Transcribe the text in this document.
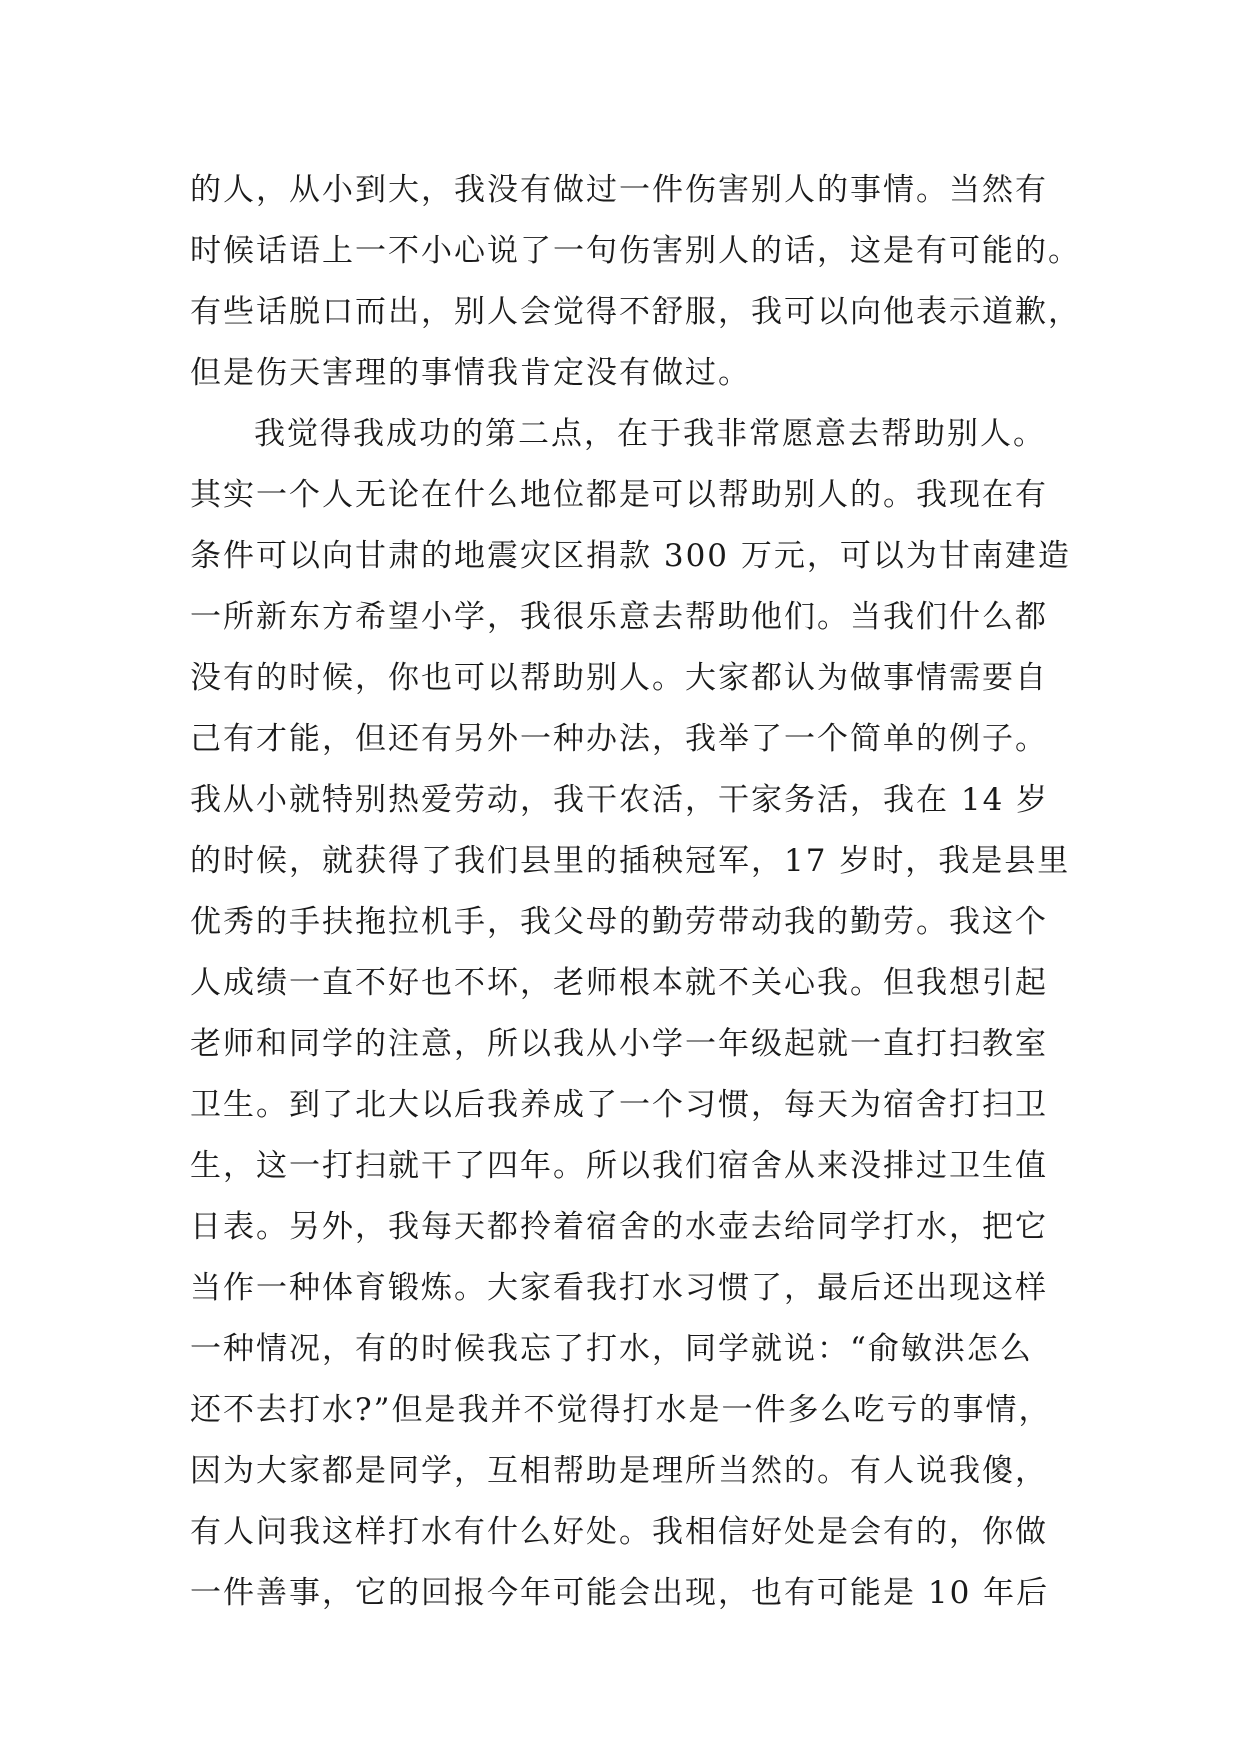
的人，从小到大，我没有做过一件伤害别人的事情。当然有
时候话语上一不小心说了一句伤害别人的话，这是有可能的。
有些话脱口而出，别人会觉得不舒服，我可以向他表示道歉，
但是伤天害理的事情我肯定没有做过。
我觉得我成功的第二点，在于我非常愿意去帮助别人。
其实一个人无论在什么地位都是可以帮助别人的。我现在有
条件可以向甘肃的地震灾区捐款 300 万元，可以为甘南建造
一所新东方希望小学，我很乐意去帮助他们。当我们什么都
没有的时候，你也可以帮助别人。大家都认为做事情需要自
己有才能，但还有另外一种办法，我举了一个简单的例子。
我从小就特别热爱劳动，我干农活，干家务活，我在 14 岁
的时候，就获得了我们县里的插秧冠军，17 岁时，我是县里
优秀的手扶拖拉机手，我父母的勤劳带动我的勤劳。我这个
人成绩一直不好也不坏，老师根本就不关心我。但我想引起
老师和同学的注意，所以我从小学一年级起就一直打扫教室
卫生。到了北大以后我养成了一个习惯，每天为宿舍打扫卫
生，这一打扫就干了四年。所以我们宿舍从来没排过卫生值
日表。另外，我每天都拎着宿舍的水壶去给同学打水，把它
当作一种体育锻炼。大家看我打水习惯了，最后还出现这样
一种情况，有的时候我忘了打水，同学就说：“俞敏洪怎么
还不去打水?”但是我并不觉得打水是一件多么吃亏的事情，
因为大家都是同学，互相帮助是理所当然的。有人说我傻，
有人问我这样打水有什么好处。我相信好处是会有的，你做
一件善事，它的回报今年可能会出现，也有可能是 10 年后
